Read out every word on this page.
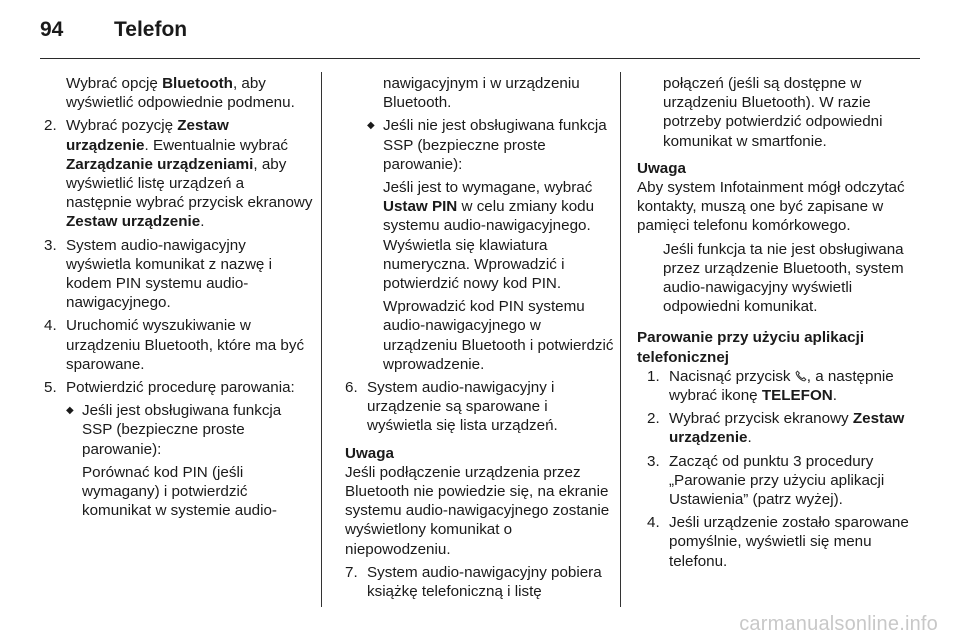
94	Telefon

Wybrać opcję Bluetooth, aby wyświetlić odpowiednie podmenu.

2. Wybrać pozycję Zestaw urządzenie. Ewentualnie wybrać Zarządzanie urządzeniami, aby wyświetlić listę urządzeń a następnie wybrać przycisk ekranowy Zestaw urządzenie.
3. System audio-nawigacyjny wyświetla komunikat z nazwę i kodem PIN systemu audio-nawigacyjnego.
4. Uruchomić wyszukiwanie w urządzeniu Bluetooth, które ma być sparowane.
5. Potwierdzić procedurę parowania:
◆ Jeśli jest obsługiwana funkcja SSP (bezpieczne proste parowanie):

Porównać kod PIN (jeśli wymagany) i potwierdzić komunikat w systemie audio-

nawigacyjnym i w urządzeniu Bluetooth.

◆ Jeśli nie jest obsługiwana funkcja SSP (bezpieczne proste parowanie):

Jeśli jest to wymagane, wybrać Ustaw PIN w celu zmiany kodu systemu audio-nawigacyjnego. Wyświetla się klawiatura numeryczna. Wprowadzić i potwierdzić nowy kod PIN.

Wprowadzić kod PIN systemu audio-nawigacyjnego w urządzeniu Bluetooth i potwierdzić wprowadzenie.

6. System audio-nawigacyjny i urządzenie są sparowane i wyświetla się lista urządzeń.

Uwaga

Jeśli podłączenie urządzenia przez Bluetooth nie powiedzie się, na ekranie systemu audio-nawigacyjnego zostanie wyświetlony komunikat o niepowodzeniu.

7. System audio-nawigacyjny pobiera książkę telefoniczną i listę

połączeń (jeśli są dostępne w urządzeniu Bluetooth). W razie potrzeby potwierdzić odpowiedni komunikat w smartfonie.

Uwaga

Aby system Infotainment mógł odczytać kontakty, muszą one być zapisane w pamięci telefonu komórkowego.

Jeśli funkcja ta nie jest obsługiwana przez urządzenie Bluetooth, system audio-nawigacyjny wyświetli odpowiedni komunikat.

Parowanie przy użyciu aplikacji telefonicznej

1. Nacisnąć przycisk , a następnie wybrać ikonę TELEFON.
2. Wybrać przycisk ekranowy Zestaw urządzenie.
3. Zacząć od punktu 3 procedury „Parowanie przy użyciu aplikacji Ustawienia” (patrz wyżej).
4. Jeśli urządzenie zostało sparowane pomyślnie, wyświetli się menu telefonu.
carmanualsonline.info
